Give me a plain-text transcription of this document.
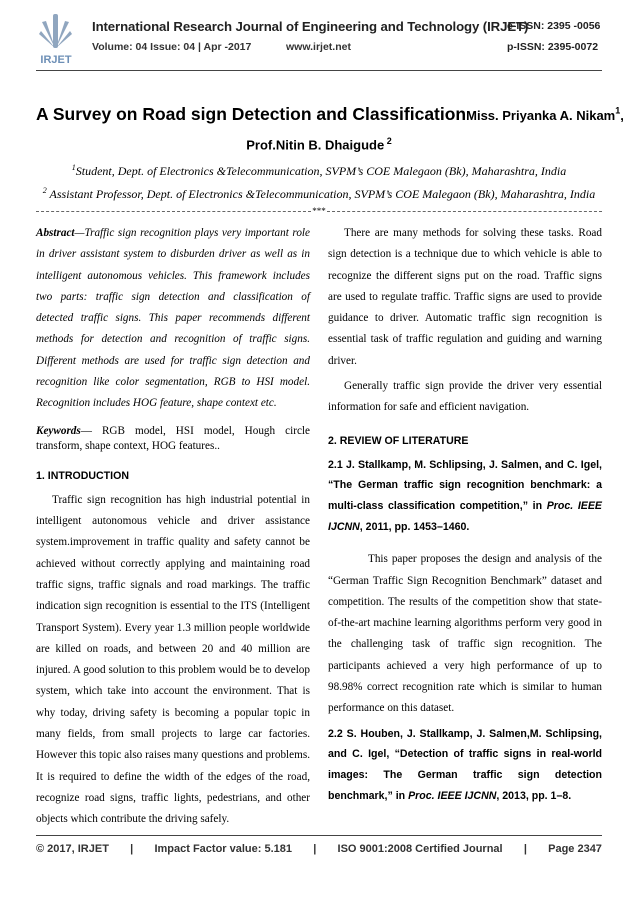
IRJET
International Research Journal of Engineering and Technology (IRJET)
e-ISSN: 2395 -0056
Volume: 04 Issue: 04 | Apr -2017	www.irjet.net	p-ISSN: 2395-0072
A Survey on Road sign Detection and ClassificationMiss. Priyanka A. Nikam$^1$,
Prof.Nitin B. Dhaigude $^2$
$^1$Student, Dept. of Electronics &Telecommunication, SVPM’s COE Malegaon (Bk), Maharashtra, India
$^2$ Assistant Professor, Dept. of Electronics &Telecommunication, SVPM’s COE Malegaon (Bk), Maharashtra, India
***

Abstract—Traffic sign recognition plays very important role in driver assistant system to disburden driver as well as in intelligent autonomous vehicles. This framework includes two parts: traffic sign detection and classification of detected traffic signs. This paper recommends different methods for detection and recognition of traffic signs. Different methods are used for traffic sign detection and recognition like color segmentation, RGB to HSI model. Recognition includes HOG feature, shape context etc.

Keywords— RGB model, HSI model, Hough circle transform, shape context, HOG features..

1. INTRODUCTION

Traffic sign recognition has high industrial potential in intelligent autonomous vehicle and driver assistance system.improvement in traffic quality and safety cannot be achieved without correctly applying and maintaining road traffic signs, traffic signals and road markings. The traffic indication sign recognition is essential to the ITS (Intelligent Transport System). Every year 1.3 million people worldwide are killed on roads, and between 20 and 40 million are injured. A good solution to this problem would be to develop system, which take into account the environment. That is why today, driving safety is becoming a popular topic in many fields, from small projects to large car factories. However this topic also raises many questions and problems. It is required to define the width of the edges of the road, recognize road signs, traffic lights, pedestrians, and other objects which contribute the driving safely.

There are many methods for solving these tasks. Road sign detection is a technique due to which vehicle is able to recognize the different signs put on the road. Traffic signs are used to regulate traffic. Traffic signs are used to provide guidance to driver. Automatic traffic sign recognition is essential task of traffic regulation and guiding and warning driver.

Generally traffic sign provide the driver very essential information for safe and efficient navigation.

2. REVIEW OF LITERATURE

2.1 J. Stallkamp, M. Schlipsing, J. Salmen, and C. Igel, “The German traffic sign recognition benchmark: a multi-class classification competition,” in Proc. IEEE IJCNN, 2011, pp. 1453–1460.

This paper proposes the design and analysis of the “German Traffic Sign Recognition Benchmark” dataset and competition. The results of the competition show that state-of-the-art machine learning algorithms perform very good in the challenging task of traffic sign recognition. The participants achieved a very high performance of up to 98.98% correct recognition rate which is similar to human performance on this dataset.

2.2 S. Houben, J. Stallkamp, J. Salmen,M. Schlipsing, and C. Igel, “Detection of traffic signs in real-world images: The German traffic sign detection benchmark,” in Proc. IEEE IJCNN, 2013, pp. 1–8.

© 2017, IRJET | Impact Factor value: 5.181 | ISO 9001:2008 Certified Journal | Page 2347
